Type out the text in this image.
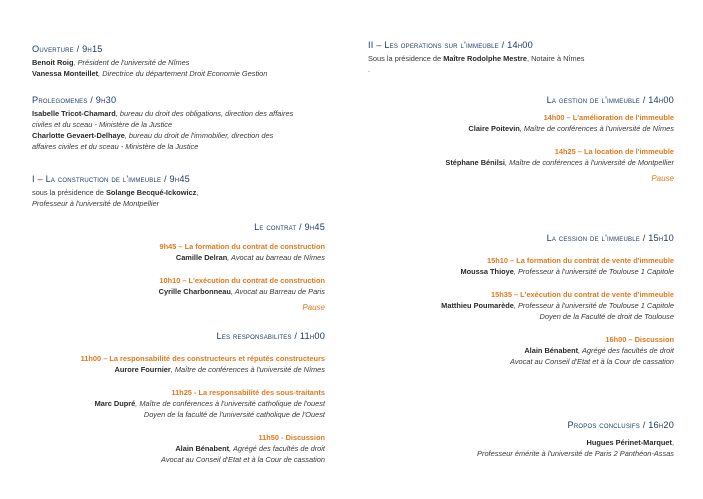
Ouverture / 9h15
Benoit Roig, Président de l'université de Nîmes
Vanessa Monteillet, Directrice du département Droit Economie Gestion
Prolegomenes / 9h30
Isabelle Tricot-Chamard, bureau du droit des obligations, direction des affaires
civiles et du sceau - Ministère de la Justice
Charlotte Gevaert-Delhaye, bureau du droit de l'immobilier, direction des
affaires civiles et du sceau - Ministère de la Justice
I – La construction de l'immeuble / 9h45
sous la présidence de Solange Becqué-Ickowicz,
Professeur à l'université de Montpellier
Le contrat / 9h45
9h45 – La formation du contrat de construction
Camille Delran, Avocat au barreau de Nîmes
10h10 – L'exécution du contrat de construction
Cyrille Charbonneau, Avocat au Barreau de Paris
Pause
Les responsabilites / 11h00
11h00 – La responsabilité des constructeurs et réputés constructeurs
Aurore Fournier, Maître de conférences à l'université de Nîmes
11h25 - La responsabilité des sous-traitants
Marc Dupré, Maître de conférences à l'université catholique de l'ouest
Doyen de la faculté de l'université catholique de l'Ouest
11h50 - Discussion
Alain Bénabent, Agrégé des facultés de droit
Avocat au Conseil d'Etat et à la Cour de cassation
II – Les operations sur l'immeuble / 14h00
Sous la présidence de Maître Rodolphe Mestre, Notaire à Nîmes
.
La gestion de l'immeuble / 14h00
14h00 – L'amélioration de l'immeuble
Claire Poitevin, Maître de conférences à l'université de Nîmes
14h25 – La location de l'immeuble
Stéphane Bénilsi, Maître de conférences à l'université de Montpellier
Pause
La cession de l'immeuble / 15h10
15h10 – La formation du contrat de vente d'immeuble
Moussa Thioye, Professeur à l'université de Toulouse 1 Capitole
15h35 – L'exécution du contrat de vente d'immeuble
Matthieu Poumarède, Professeur à l'université de Toulouse 1 Capitole
Doyen de la Faculté de droit de Toulouse
16h00 – Discussion
Alain Bénabent, Agrégé des facultés de droit
Avocat au Conseil d'Etat et à la Cour de cassation
Propos conclusifs / 16h20
Hugues Périnet-Marquet,
Professeur émérite à l'université de Paris 2 Panthéon-Assas
